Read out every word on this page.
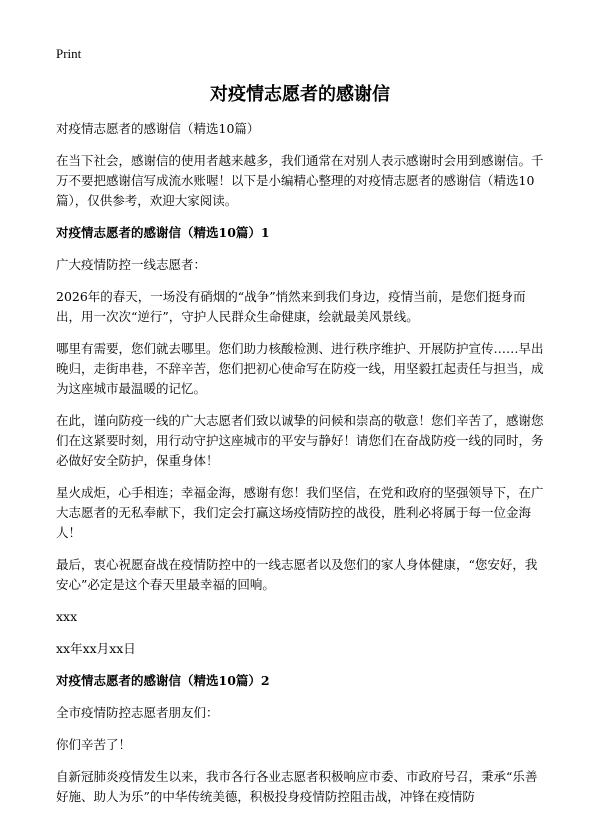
Print
对疫情志愿者的感谢信

对疫情志愿者的感谢信（精选10篇）

在当下社会，感谢信的使用者越来越多，我们通常在对别人表示感谢时会用到感谢信。千万不要把感谢信写成流水账喔！以下是小编精心整理的对疫情志愿者的感谢信（精选10篇），仅供参考，欢迎大家阅读。

对疫情志愿者的感谢信（精选10篇）1

广大疫情防控一线志愿者：

2026年的春天，一场没有硝烟的“战争”悄然来到我们身边，疫情当前，是您们挺身而出，用一次次“逆行”，守护人民群众生命健康，绘就最美风景线。

哪里有需要，您们就去哪里。您们助力核酸检测、进行秩序维护、开展防护宣传……早出晚归，走街串巷，不辞辛苦，您们把初心使命写在防疫一线，用坚毅扛起责任与担当，成为这座城市最温暖的记忆。

在此，谨向防疫一线的广大志愿者们致以诚挚的问候和崇高的敬意！您们辛苦了，感谢您们在这紧要时刻，用行动守护这座城市的平安与静好！请您们在奋战防疫一线的同时，务必做好安全防护，保重身体！

星火成炬，心手相连；幸福金海，感谢有您！我们坚信，在党和政府的坚强领导下，在广大志愿者的无私奉献下，我们定会打赢这场疫情防控的战役，胜利必将属于每一位金海人！

最后，衷心祝愿奋战在疫情防控中的一线志愿者以及您们的家人身体健康，“您安好，我安心”必定是这个春天里最幸福的回响。

xxx

xx年xx月xx日

对疫情志愿者的感谢信（精选10篇）2

全市疫情防控志愿者朋友们：

你们辛苦了！

自新冠肺炎疫情发生以来，我市各行各业志愿者积极响应市委、市政府号召，秉承“乐善好施、助人为乐”的中华传统美德，积极投身疫情防控阻击战，冲锋在疫情防
